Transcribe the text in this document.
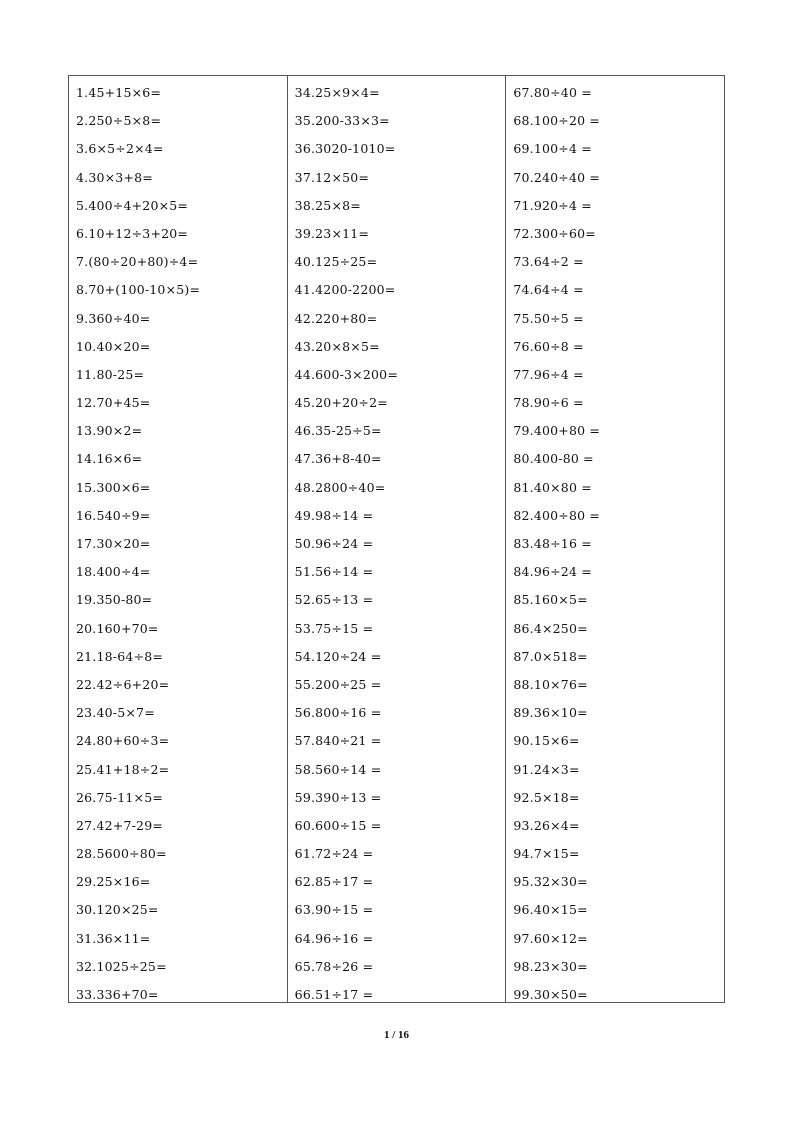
1.45+15×6=
2.250÷5×8=
3.6×5÷2×4=
4.30×3+8=
5.400÷4+20×5=
6.10+12÷3+20=
7.(80÷20+80)÷4=
8.70+(100-10×5)=
9.360÷40=
10.40×20=
11.80-25=
12.70+45=
13.90×2=
14.16×6=
15.300×6=
16.540÷9=
17.30×20=
18.400÷4=
19.350-80=
20.160+70=
21.18-64÷8=
22.42÷6+20=
23.40-5×7=
24.80+60÷3=
25.41+18÷2=
26.75-11×5=
27.42+7-29=
28.5600÷80=
29.25×16=
30.120×25=
31.36×11=
32.1025÷25=
33.336+70=
34.25×9×4=
35.200-33×3=
36.3020-1010=
37.12×50=
38.25×8=
39.23×11=
40.125÷25=
41.4200-2200=
42.220+80=
43.20×8×5=
44.600-3×200=
45.20+20÷2=
46.35-25÷5=
47.36+8-40=
48.2800÷40=
49.98÷14 =
50.96÷24 =
51.56÷14 =
52.65÷13 =
53.75÷15 =
54.120÷24 =
55.200÷25 =
56.800÷16 =
57.840÷21 =
58.560÷14 =
59.390÷13 =
60.600÷15 =
61.72÷24 =
62.85÷17 =
63.90÷15 =
64.96÷16 =
65.78÷26 =
66.51÷17 =
67.80÷40 =
68.100÷20 =
69.100÷4 =
70.240÷40 =
71.920÷4 =
72.300÷60=
73.64÷2 =
74.64÷4 =
75.50÷5 =
76.60÷8 =
77.96÷4 =
78.90÷6 =
79.400+80 =
80.400-80 =
81.40×80 =
82.400÷80 =
83.48÷16 =
84.96÷24 =
85.160×5=
86.4×250=
87.0×518=
88.10×76=
89.36×10=
90.15×6=
91.24×3=
92.5×18=
93.26×4=
94.7×15=
95.32×30=
96.40×15=
97.60×12=
98.23×30=
99.30×50=
1 / 16
